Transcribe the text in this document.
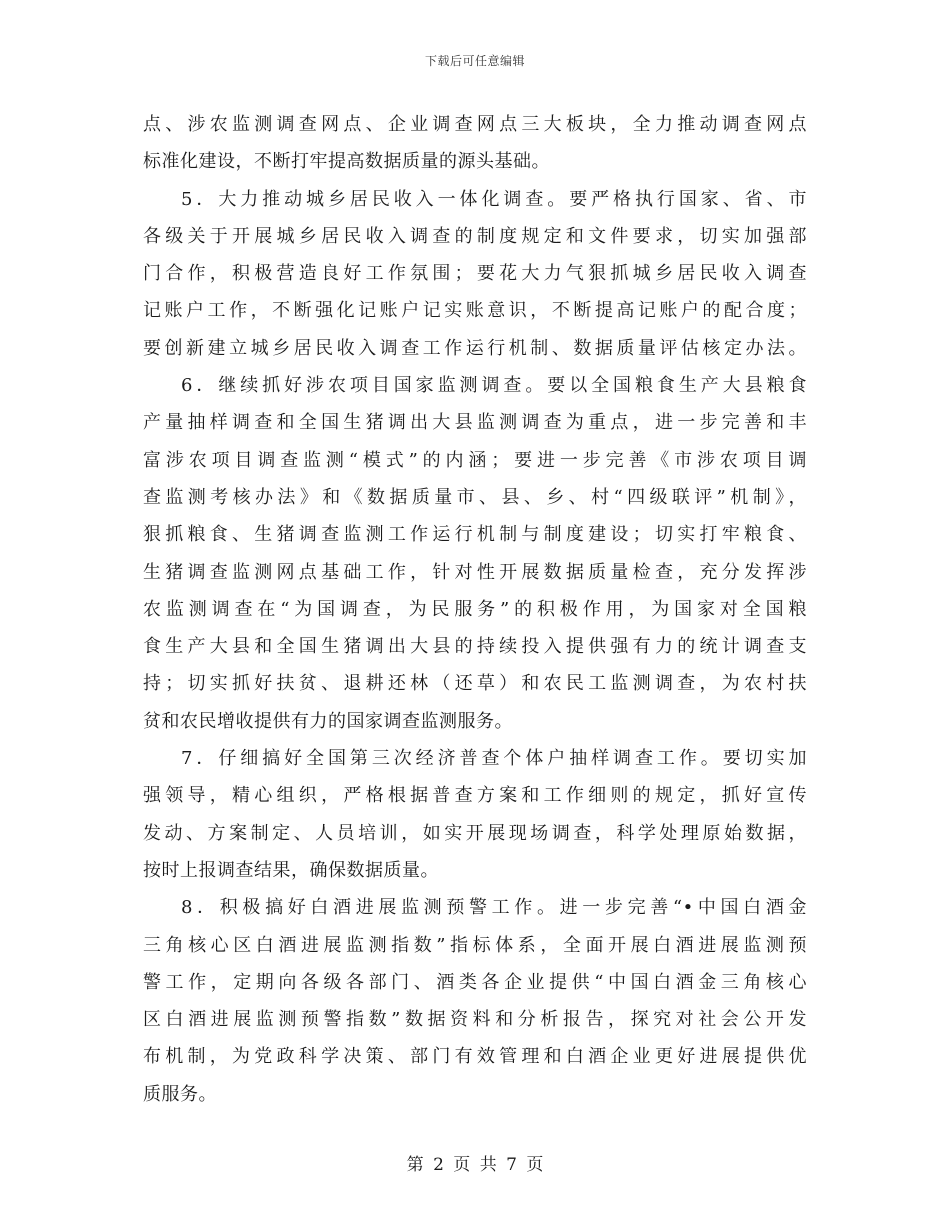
下载后可任意编辑
点、涉农监测调查网点、企业调查网点三大板块，全力推动调查网点
标准化建设，不断打牢提高数据质量的源头基础。
5．大力推动城乡居民收入一体化调查。要严格执行国家、省、市
各级关于开展城乡居民收入调查的制度规定和文件要求，切实加强部
门合作，积极营造良好工作氛围；要花大力气狠抓城乡居民收入调查
记账户工作，不断强化记账户记实账意识，不断提高记账户的配合度；
要创新建立城乡居民收入调查工作运行机制、数据质量评估核定办法。
6．继续抓好涉农项目国家监测调查。要以全国粮食生产大县粮食
产量抽样调查和全国生猪调出大县监测调查为重点，进一步完善和丰
富涉农项目调查监测“模式”的内涵；要进一步完善《市涉农项目调
查监测考核办法》和《数据质量市、县、乡、村“四级联评”机制》，
狠抓粮食、生猪调查监测工作运行机制与制度建设；切实打牢粮食、
生猪调查监测网点基础工作，针对性开展数据质量检查，充分发挥涉
农监测调查在“为国调查，为民服务”的积极作用，为国家对全国粮
食生产大县和全国生猪调出大县的持续投入提供强有力的统计调查支
持；切实抓好扶贫、退耕还林（还草）和农民工监测调查，为农村扶
贫和农民增收提供有力的国家调查监测服务。
7．仔细搞好全国第三次经济普查个体户抽样调查工作。要切实加
强领导，精心组织，严格根据普查方案和工作细则的规定，抓好宣传
发动、方案制定、人员培训，如实开展现场调查，科学处理原始数据，
按时上报调查结果，确保数据质量。
8．积极搞好白酒进展监测预警工作。进一步完善“•中国白酒金
三角核心区白酒进展监测指数”指标体系，全面开展白酒进展监测预
警工作，定期向各级各部门、酒类各企业提供“中国白酒金三角核心
区白酒进展监测预警指数”数据资料和分析报告，探究对社会公开发
布机制，为党政科学决策、部门有效管理和白酒企业更好进展提供优
质服务。
第 2 页 共 7 页
